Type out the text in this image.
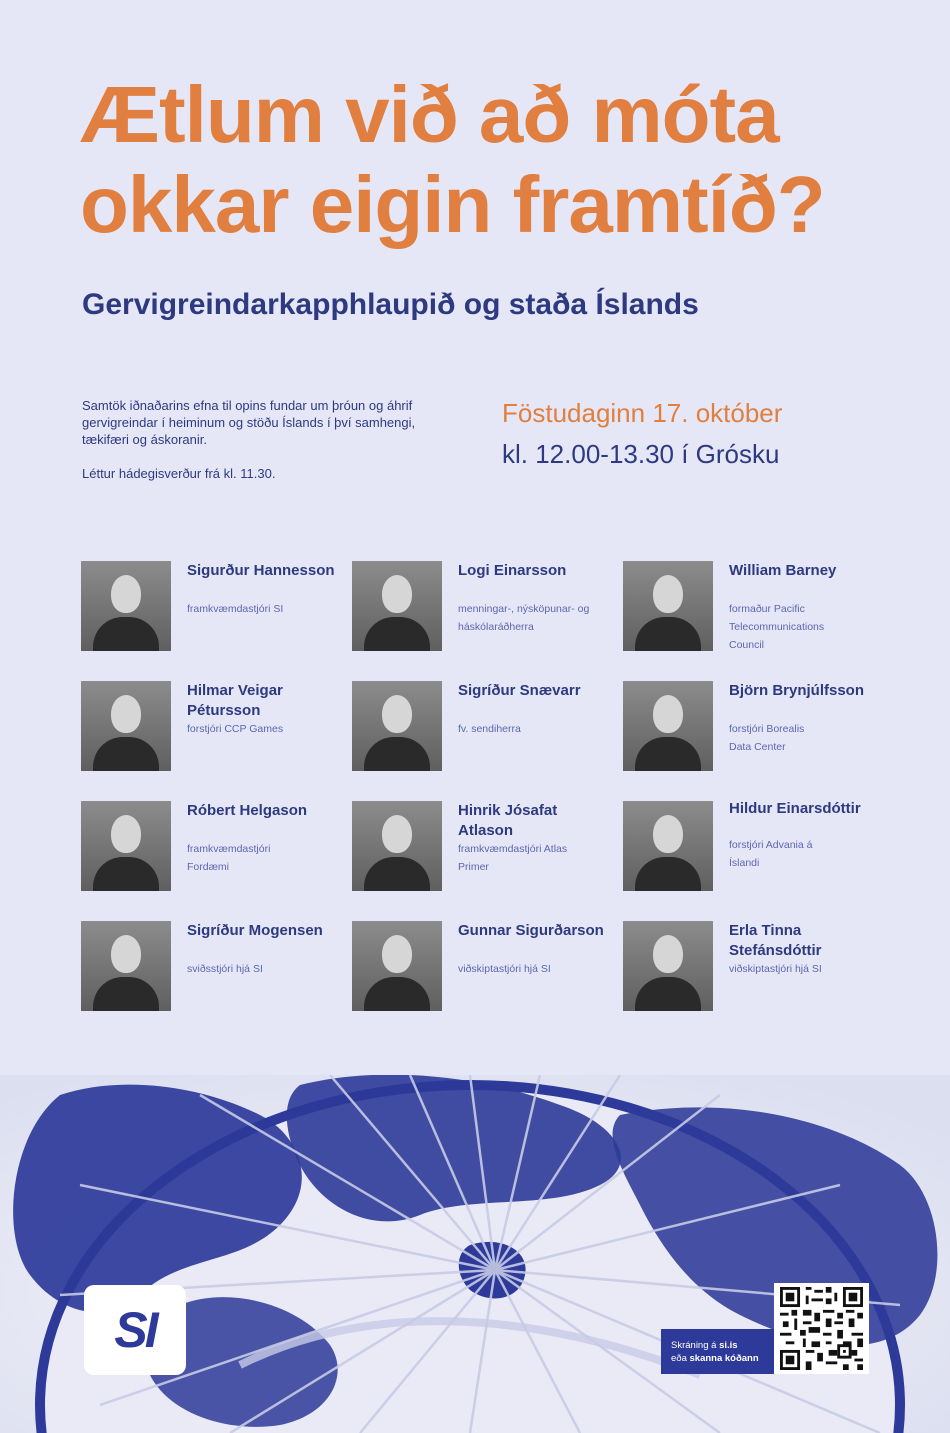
Ætlum við að móta
okkar eigin framtíð?
Gervigreindarkapphlaupið og staða Íslands

Samtök iðnaðarins efna til opins fundar um þróun og áhrif gervigreindar í heiminum og stöðu Íslands í því samhengi, tækifæri og áskoranir.

Léttur hádegisverður frá kl. 11.30.

Föstudaginn 17. október
kl. 12.00-13.30 í Grósku
Sigurður Hannesson
framkvæmdastjóri SI
Logi Einarsson
menningar-, nýsköpunar- og háskólaráðherra
William Barney
formaður Pacific Telecommunications Council
Hilmar Veigar Pétursson
forstjóri CCP Games
Sigríður Snævarr
fv. sendiherra
Björn Brynjúlfsson
forstjóri Borealis Data Center
Róbert Helgason
framkvæmdastjóri Fordæmi
Hinrik Jósafat Atlason
framkvæmdastjóri Atlas Primer
Hildur Einarsdóttir
forstjóri Advania á Íslandi
Sigríður Mogensen
sviðsstjóri hjá SI
Gunnar Sigurðarson
viðskiptastjóri hjá SI
Erla Tinna Stefánsdóttir
viðskiptastjóri hjá SI
SI	Skráning á si.is
eða skanna kóðann
